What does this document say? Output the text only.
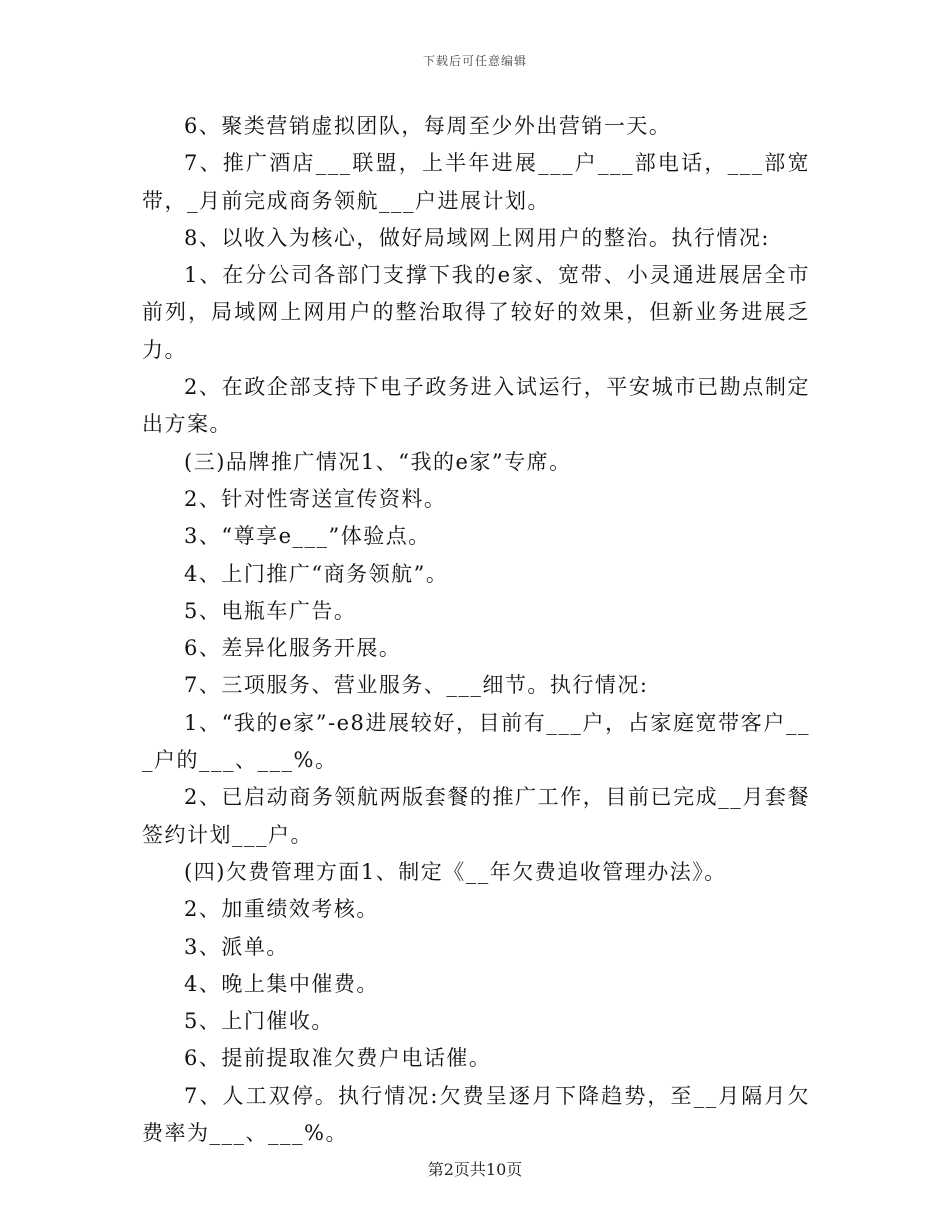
下载后可任意编辑

6、聚类营销虚拟团队，每周至少外出营销一天。

7、推广酒店___联盟，上半年进展___户___部电话，___部宽带，_月前完成商务领航___户进展计划。

8、以收入为核心，做好局域网上网用户的整治。执行情况:

1、在分公司各部门支撑下我的e家、宽带、小灵通进展居全市前列，局域网上网用户的整治取得了较好的效果，但新业务进展乏力。

2、在政企部支持下电子政务进入试运行，平安城市已勘点制定出方案。

(三)品牌推广情况1、“我的e家”专席。

2、针对性寄送宣传资料。

3、“尊享e___”体验点。

4、上门推广“商务领航”。

5、电瓶车广告。

6、差异化服务开展。

7、三项服务、营业服务、___细节。执行情况:

1、“我的e家”-e8进展较好，目前有___户，占家庭宽带客户___户的___、___%。

2、已启动商务领航两版套餐的推广工作，目前已完成__月套餐签约计划___户。

(四)欠费管理方面1、制定《__年欠费追收管理办法》。

2、加重绩效考核。

3、派单。

4、晚上集中催费。

5、上门催收。

6、提前提取准欠费户电话催。

7、人工双停。执行情况:欠费呈逐月下降趋势，至__月隔月欠费率为___、___%。

第2页共10页
